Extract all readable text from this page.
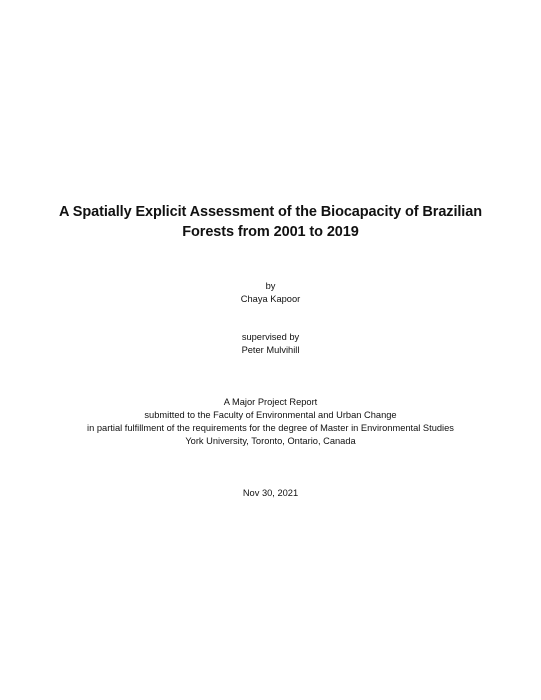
A Spatially Explicit Assessment of the Biocapacity of Brazilian
Forests from 2001 to 2019
by
Chaya Kapoor
supervised by
Peter Mulvihill
A Major Project Report
submitted to the Faculty of Environmental and Urban Change
in partial fulfillment of the requirements for the degree of Master in Environmental Studies
York University, Toronto, Ontario, Canada
Nov 30, 2021
